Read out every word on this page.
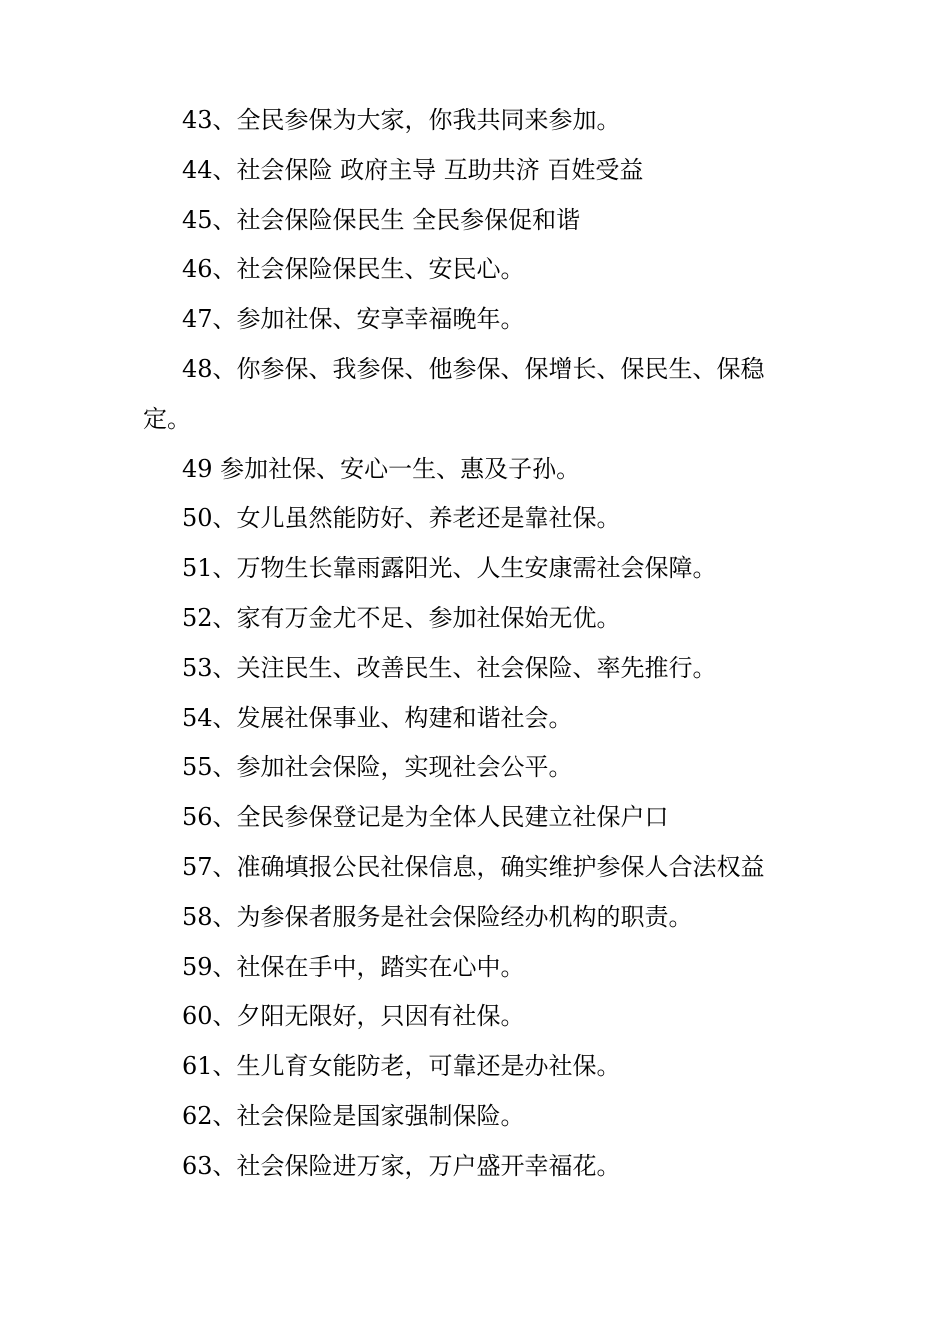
43、全民参保为大家，你我共同来参加。

44、社会保险 政府主导 互助共济 百姓受益

45、社会保险保民生 全民参保促和谐

46、社会保险保民生、安民心。

47、参加社保、安享幸福晚年。

48、你参保、我参保、他参保、保增长、保民生、保稳定。

49 参加社保、安心一生、惠及子孙。

50、女儿虽然能防好、养老还是靠社保。

51、万物生长靠雨露阳光、人生安康需社会保障。

52、家有万金尤不足、参加社保始无优。

53、关注民生、改善民生、社会保险、率先推行。

54、发展社保事业、构建和谐社会。

55、参加社会保险，实现社会公平。

56、全民参保登记是为全体人民建立社保户口

57、准确填报公民社保信息，确实维护参保人合法权益

58、为参保者服务是社会保险经办机构的职责。

59、社保在手中，踏实在心中。

60、夕阳无限好，只因有社保。

61、生儿育女能防老，可靠还是办社保。

62、社会保险是国家强制保险。

63、社会保险进万家，万户盛开幸福花。
